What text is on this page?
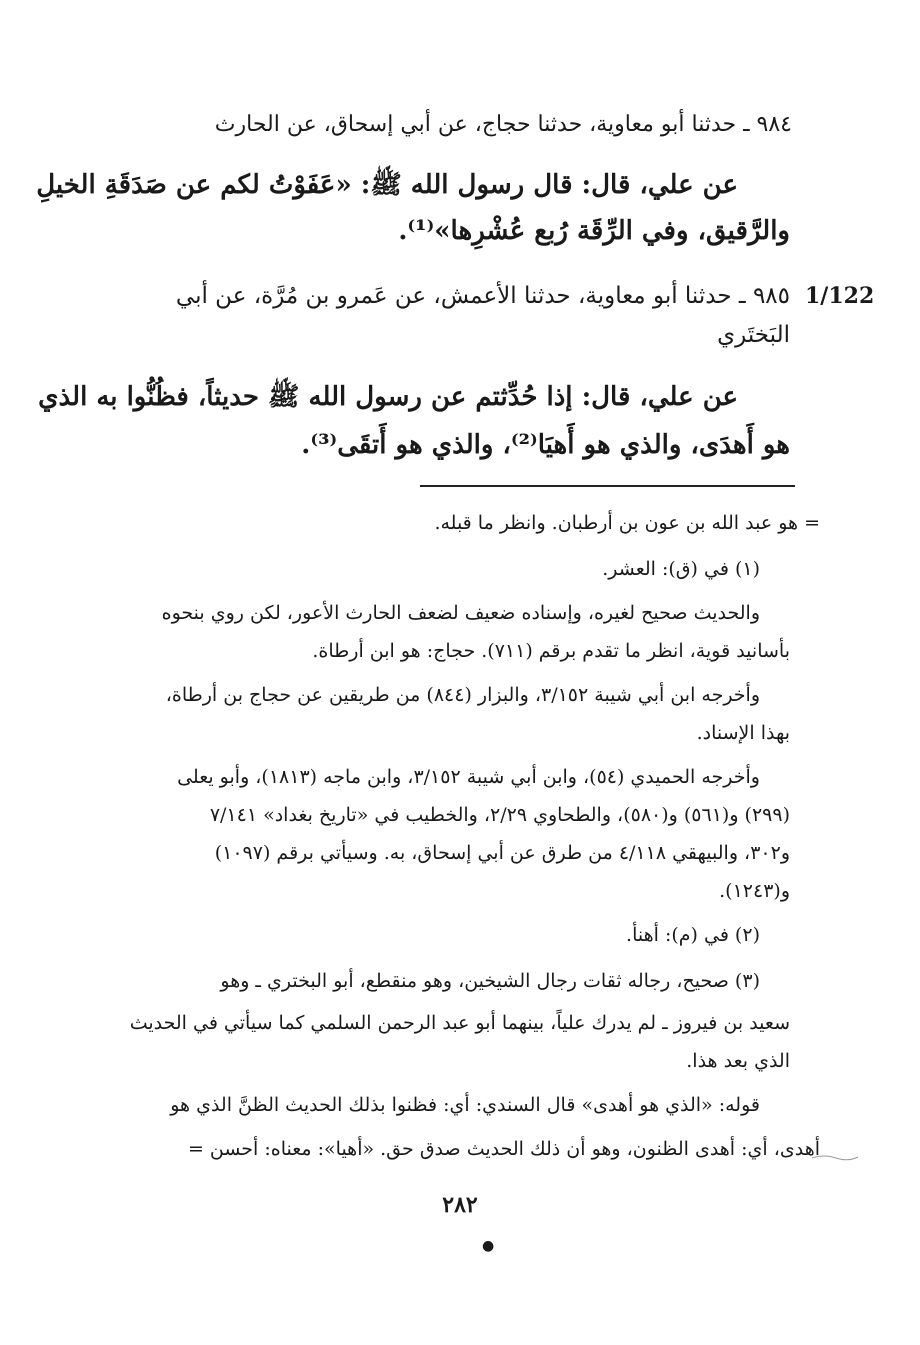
٩٨٤ ـ حدثنا أبو معاوية، حدثنا حجاج، عن أبي إسحاق، عن الحارث
عن علي، قال: قال رسول الله ﷺ: «عَفَوْتُ لكم عن صَدَقَةِ الخيلِ
والرَّقيق، وفي الرِّقَة رُبع عُشْرِها»⁽¹⁾.
1/122
٩٨٥ ـ حدثنا أبو معاوية، حدثنا الأعمش، عن عَمرو بن مُرَّة، عن أبي
البَختَري
عن علي، قال: إذا حُدِّثتم عن رسول الله ﷺ حديثاً، فظُنُّوا به الذي
هو أَهدَى، والذي هو أَهيَا⁽²⁾، والذي هو أَتقَى⁽³⁾.
= هو عبد الله بن عون بن أرطبان. وانظر ما قبله.
(١) في (ق): العشر.
والحديث صحيح لغيره، وإسناده ضعيف لضعف الحارث الأعور، لكن روي بنحوه
بأسانيد قوية، انظر ما تقدم برقم (٧١١). حجاج: هو ابن أرطاة.
وأخرجه ابن أبي شيبة ٣/١٥٢، والبزار (٨٤٤) من طريقين عن حجاج بن أرطاة،
بهذا الإسناد.
وأخرجه الحميدي (٥٤)، وابن أبي شيبة ٣/١٥٢، وابن ماجه (١٨١٣)، وأبو يعلى
(٢٩٩) و(٥٦١) و(٥٨٠)، والطحاوي ٢/٢٩، والخطيب في «تاريخ بغداد» ٧/١٤١
و٣٠٢، والبيهقي ٤/١١٨ من طرق عن أبي إسحاق، به. وسيأتي برقم (١٠٩٧)
و(١٢٤٣).
(٢) في (م): أهنأ.
(٣) صحيح، رجاله ثقات رجال الشيخين، وهو منقطع، أبو البختري ـ وهو
سعيد بن فيروز ـ لم يدرك علياً، بينهما أبو عبد الرحمن السلمي كما سيأتي في الحديث
الذي بعد هذا.
قوله: «الذي هو أهدى» قال السندي: أي: فظنوا بذلك الحديث الظنَّ الذي هو
أهدى، أي: أهدى الظنون، وهو أن ذلك الحديث صدق حق. «أهيا»: معناه: أحسن =
٢٨٢
●
